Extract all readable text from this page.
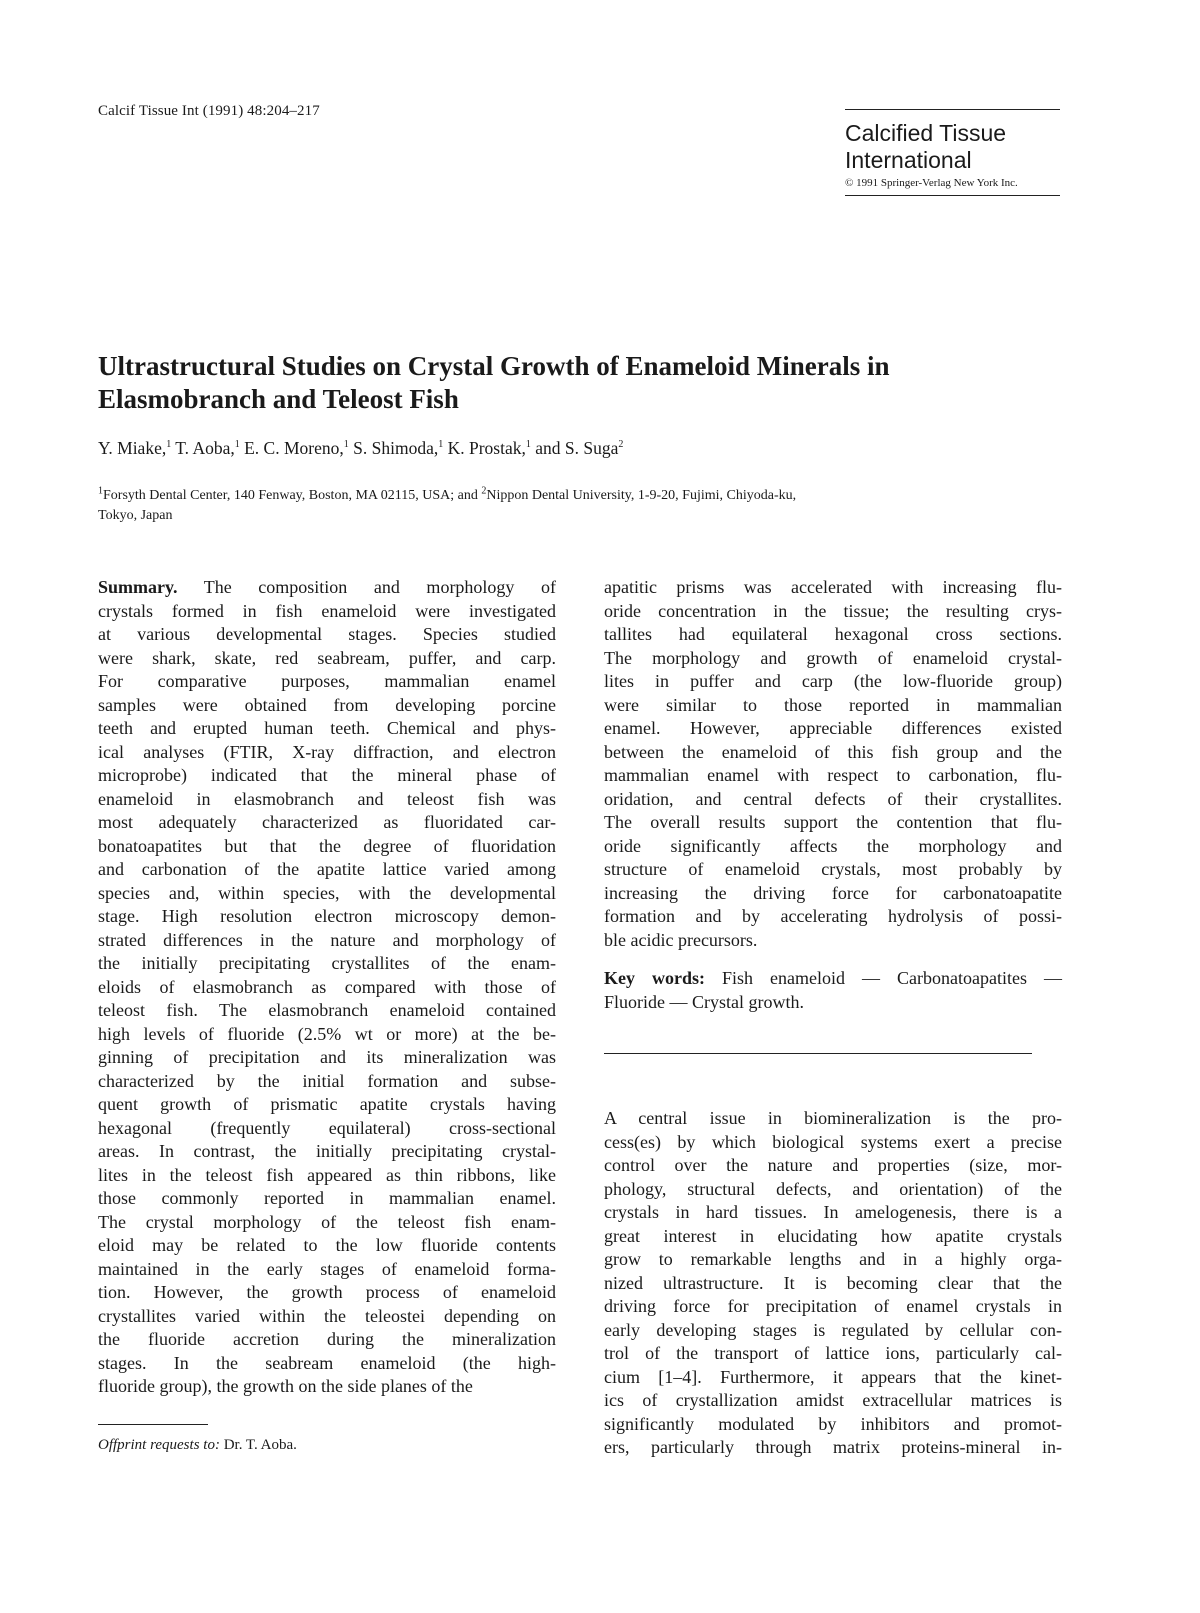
Calcif Tissue Int (1991) 48:204–217
Calcified Tissue
International
© 1991 Springer-Verlag New York Inc.
Ultrastructural Studies on Crystal Growth of Enameloid Minerals in
Elasmobranch and Teleost Fish
Y. Miake,$^1$ T. Aoba,$^1$ E. C. Moreno,$^1$ S. Shimoda,$^1$ K. Prostak,$^1$ and S. Suga$^2$
$^1$Forsyth Dental Center, 140 Fenway, Boston, MA 02115, USA; and $^2$Nippon Dental University, 1-9-20, Fujimi, Chiyoda-ku,
Tokyo, Japan
Summary. The composition and morphology of
crystals formed in fish enameloid were investigated
at various developmental stages. Species studied
were shark, skate, red seabream, puffer, and carp.
For comparative purposes, mammalian enamel
samples were obtained from developing porcine
teeth and erupted human teeth. Chemical and phys-
ical analyses (FTIR, X-ray diffraction, and electron
microprobe) indicated that the mineral phase of
enameloid in elasmobranch and teleost fish was
most adequately characterized as fluoridated car-
bonatoapatites but that the degree of fluoridation
and carbonation of the apatite lattice varied among
species and, within species, with the developmental
stage. High resolution electron microscopy demon-
strated differences in the nature and morphology of
the initially precipitating crystallites of the enam-
eloids of elasmobranch as compared with those of
teleost fish. The elasmobranch enameloid contained
high levels of fluoride (2.5% wt or more) at the be-
ginning of precipitation and its mineralization was
characterized by the initial formation and subse-
quent growth of prismatic apatite crystals having
hexagonal (frequently equilateral) cross-sectional
areas. In contrast, the initially precipitating crystal-
lites in the teleost fish appeared as thin ribbons, like
those commonly reported in mammalian enamel.
The crystal morphology of the teleost fish enam-
eloid may be related to the low fluoride contents
maintained in the early stages of enameloid forma-
tion. However, the growth process of enameloid
crystallites varied within the teleostei depending on
the fluoride accretion during the mineralization
stages. In the seabream enameloid (the high-
fluoride group), the growth on the side planes of the
apatitic prisms was accelerated with increasing flu-
oride concentration in the tissue; the resulting crys-
tallites had equilateral hexagonal cross sections.
The morphology and growth of enameloid crystal-
lites in puffer and carp (the low-fluoride group)
were similar to those reported in mammalian
enamel. However, appreciable differences existed
between the enameloid of this fish group and the
mammalian enamel with respect to carbonation, flu-
oridation, and central defects of their crystallites.
The overall results support the contention that flu-
oride significantly affects the morphology and
structure of enameloid crystals, most probably by
increasing the driving force for carbonatoapatite
formation and by accelerating hydrolysis of possi-
ble acidic precursors.
Key words: Fish enameloid — Carbonatoapatites —
Fluoride — Crystal growth.
A central issue in biomineralization is the pro-
cess(es) by which biological systems exert a precise
control over the nature and properties (size, mor-
phology, structural defects, and orientation) of the
crystals in hard tissues. In amelogenesis, there is a
great interest in elucidating how apatite crystals
grow to remarkable lengths and in a highly orga-
nized ultrastructure. It is becoming clear that the
driving force for precipitation of enamel crystals in
early developing stages is regulated by cellular con-
trol of the transport of lattice ions, particularly cal-
cium [1–4]. Furthermore, it appears that the kinet-
ics of crystallization amidst extracellular matrices is
significantly modulated by inhibitors and promot-
ers, particularly through matrix proteins-mineral in-
Offprint requests to: Dr. T. Aoba.
